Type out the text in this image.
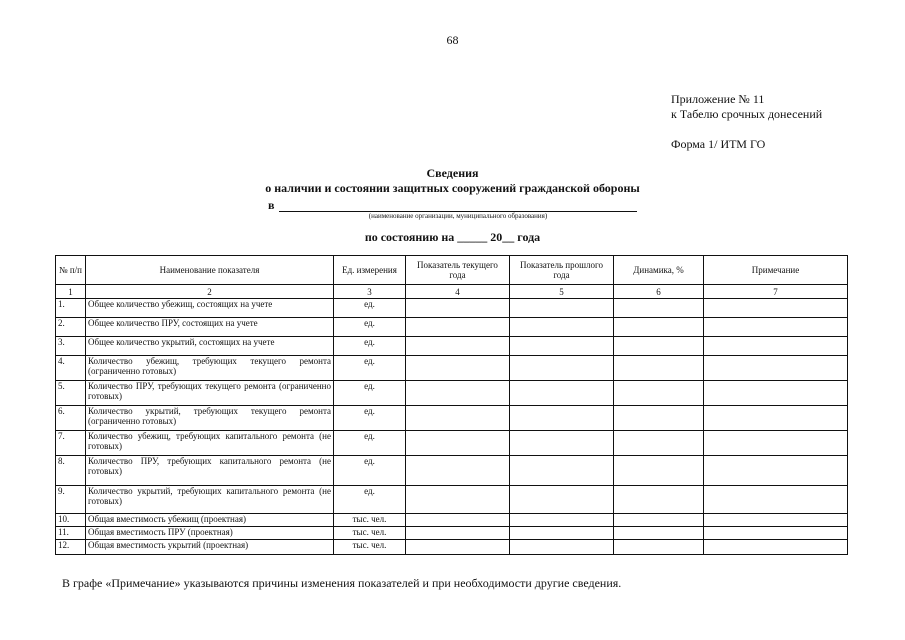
68
Приложение № 11
к Табелю срочных донесений
Форма 1/ ИТМ ГО
Сведения
о наличии и состоянии защитных сооружений гражданской обороны
в
(наименование организации, муниципального образования)
по состоянию на _____ 20__ года
№ п/п	Наименование показателя	Ед. измерения	Показатель текущего года	Показатель прошлого года	Динамика, %	Примечание
1	2	3	4	5	6	7
1.	Общее количество убежищ, состоящих на учете	ед.				
2.	Общее количество ПРУ, состоящих на учете	ед.				
3.	Общее количество укрытий, состоящих на учете	ед.				
4.	Количество убежищ, требующих текущего ремонта (ограниченно готовых)	ед.				
5.	Количество ПРУ, требующих текущего ремонта (ограниченно готовых)	ед.				
6.	Количество укрытий, требующих текущего ремонта (ограниченно готовых)	ед.				
7.	Количество убежищ, требующих капитального ремонта (не готовых)	ед.				
8.	Количество ПРУ, требующих капитального ремонта (не готовых)	ед.				
9.	Количество укрытий, требующих капитального ремонта (не готовых)	ед.				
10.	Общая вместимость убежищ (проектная)	тыс. чел.				
11.	Общая вместимость ПРУ (проектная)	тыс. чел.				
12.	Общая вместимость укрытий (проектная)	тыс. чел.				
В графе «Примечание» указываются причины изменения показателей и при необходимости другие сведения.
